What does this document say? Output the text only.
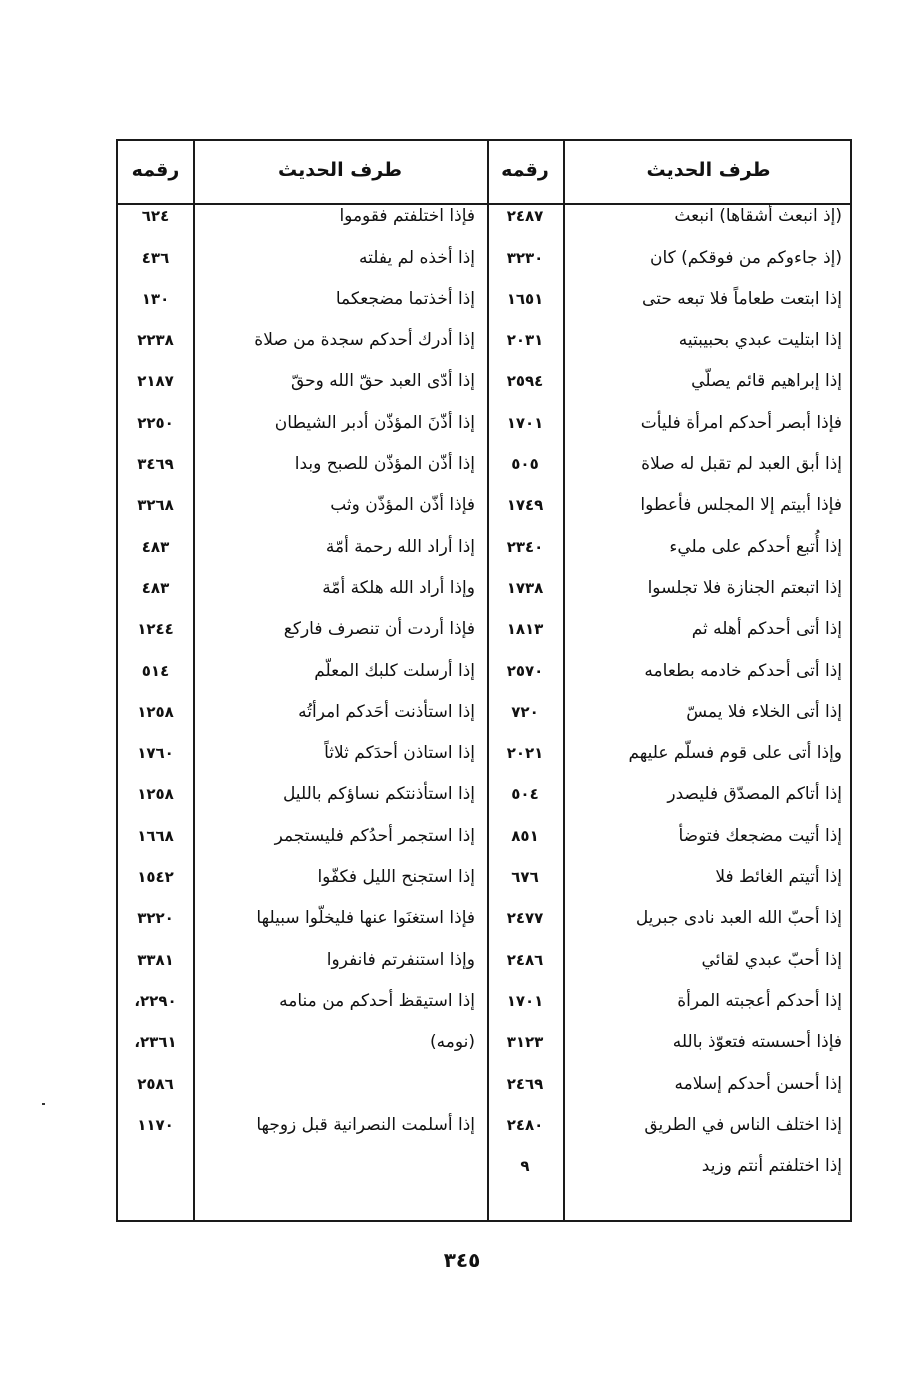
طرف الحديث
رقمه
طرف الحديث
رقمه
(إذ انبعث أشقاها) انبعث
٢٤٨٧
فإذا اختلفتم فقوموا
٦٢٤
(إذ جاءوكم من فوقكم) كان
٣٢٣٠
إذا أخذه لم يفلته
٤٣٦
إذا ابتعت طعاماً فلا تبعه حتى
١٦٥١
إذا أخذتما مضجعكما
١٣٠
إذا ابتليت عبدي بحبيبتيه
٢٠٣١
إذا أدرك أحدكم سجدة من صلاة
٢٢٣٨
إذا إبراهيم قائم يصلّي
٢٥٩٤
إذا أدّى العبد حقّ الله وحقّ
٢١٨٧
فإذا أبصر أحدكم امرأة فليأت
١٧٠١
إذا أذّنَ المؤذّن أدبر الشيطان
٢٢٥٠
إذا أبق العبد لم تقبل له صلاة
٥٠٥
إذا أذّن المؤذّن للصبح وبدا
٣٤٦٩
فإذا أبيتم إلا المجلس فأعطوا
١٧٤٩
فإذا أذّن المؤذّن وثب
٣٢٦٨
إذا أُتبع أحدكم على مليء
٢٣٤٠
إذا أراد الله رحمة أمّة
٤٨٣
إذا اتبعتم الجنازة فلا تجلسوا
١٧٣٨
وإذا أراد الله هلكة أمّة
٤٨٣
إذا أتى أحدكم أهله ثم
١٨١٣
فإذا أردت أن تنصرف فاركع
١٢٤٤
إذا أتى أحدكم خادمه بطعامه
٢٥٧٠
إذا أرسلت كلبك المعلّم
٥١٤
إذا أتى الخلاء فلا يمسّ
٧٢٠
إذا استأذنت أحَدكم امرأتُه
١٢٥٨
وإذا أتى على قوم فسلّم عليهم
٢٠٢١
إذا استاذن أحدَكم ثلاثاً
١٧٦٠
إذا أتاكم المصدّق فليصدر
٥٠٤
إذا استأذنتكم نساؤكم بالليل
١٢٥٨
إذا أتيت مضجعك فتوضأ
٨٥١
إذا استجمر أحدُكم فليستجمر
١٦٦٨
إذا أتيتم الغائط فلا
٦٧٦
إذا استجنح الليل فكفّوا
١٥٤٢
إذا أحبّ الله العبد نادى جبريل
٢٤٧٧
فإذا استغنَوا عنها فليخلّوا سبيلها
٣٢٢٠
إذا أحبّ عبدي لقائي
٢٤٨٦
وإذا استنفرتم فانفروا
٣٣٨١
إذا أحدكم أعجبته المرأة
١٧٠١
إذا استيقظ أحدكم من منامه
٢٢٩٠،
فإذا أحسسته فتعوّذ بالله
٣١٢٣
(نومه)
٢٣٦١،
إذا أحسن أحدكم إسلامه
٢٤٦٩
٢٥٨٦
إذا اختلف الناس في الطريق
٢٤٨٠
إذا أسلمت النصرانية قبل زوجها
١١٧٠
إذا اختلفتم أنتم وزيد
٩
٣٤٥
